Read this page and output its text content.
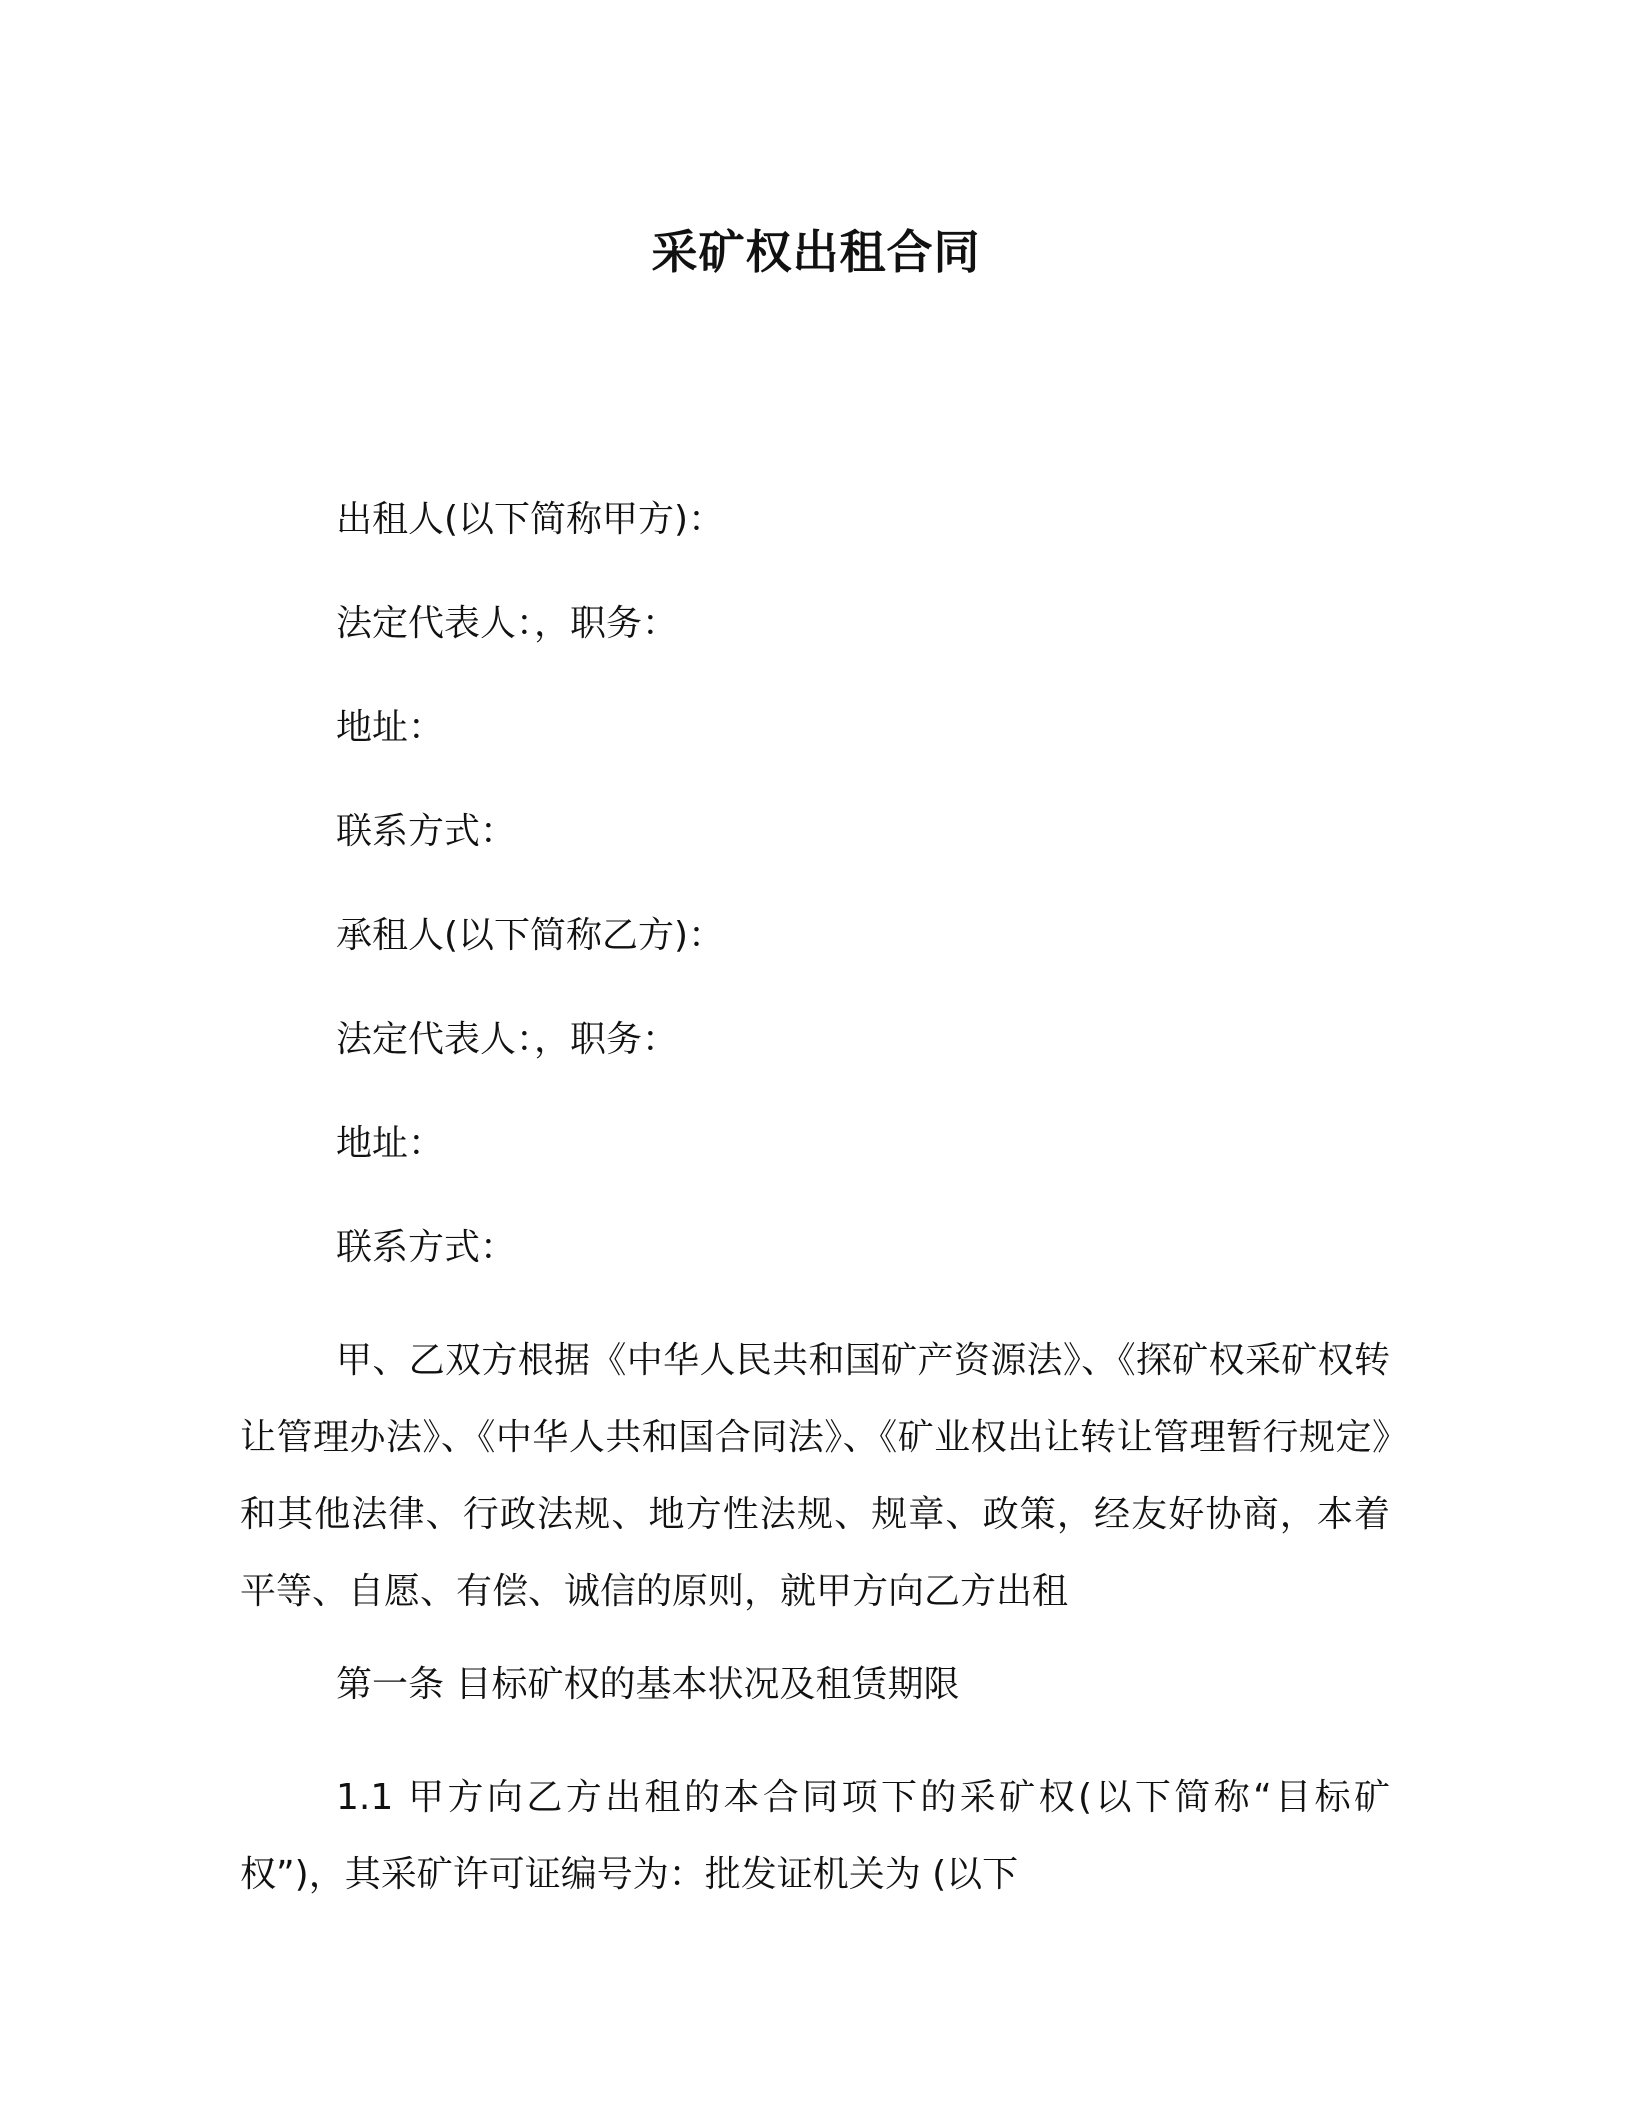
采矿权出租合同

出租人(以下简称甲方)：

法定代表人：，职务：

地址：

联系方式：

承租人(以下简称乙方)：

法定代表人：，职务：

地址：

联系方式：

甲、乙双方根据《中华人民共和国矿产资源法》、《探矿权采矿权转让管理办法》、《中华人共和国合同法》、《矿业权出让转让管理暂行规定》和其他法律、行政法规、地方性法规、规章、政策，经友好协商，本着平等、自愿、有偿、诚信的原则，就甲方向乙方出租

第一条 目标矿权的基本状况及租赁期限

1.1 甲方向乙方出租的本合同项下的采矿权(以下简称“目标矿权”)，其采矿许可证编号为：批发证机关为 (以下
